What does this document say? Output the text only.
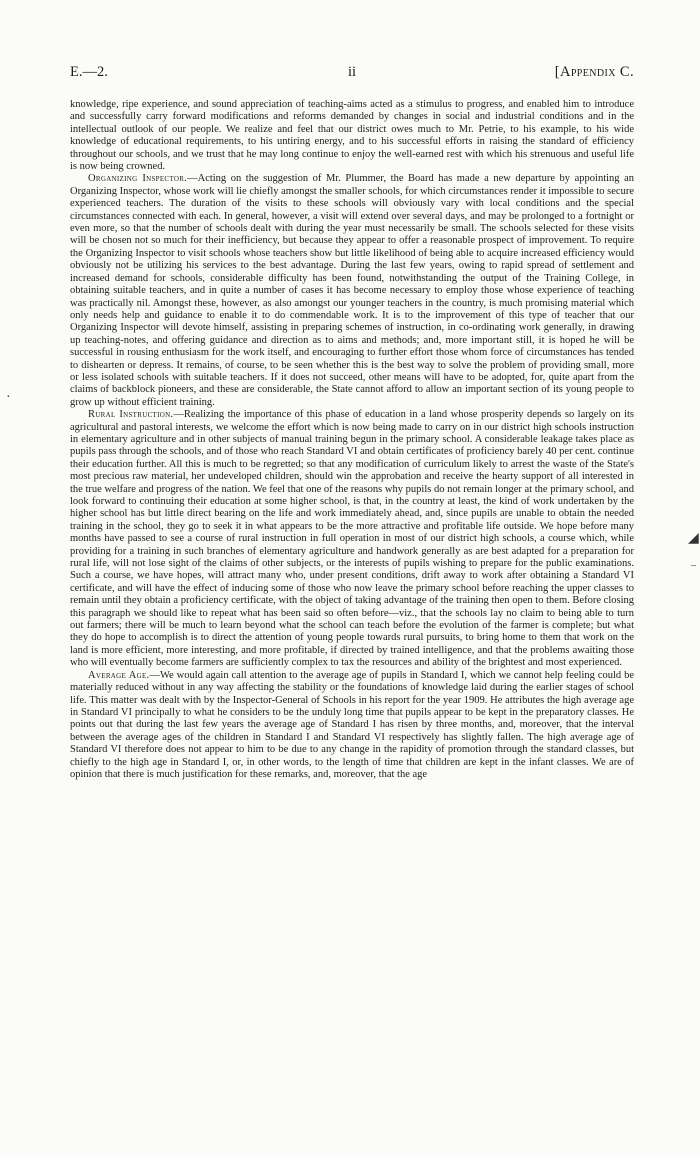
E.—2.	ii	[Appendix C.

knowledge, ripe experience, and sound appreciation of teaching-aims acted as a stimulus to progress, and enabled him to introduce and successfully carry forward modifications and reforms demanded by changes in social and industrial conditions and in the intellectual outlook of our people. We realize and feel that our district owes much to Mr. Petrie, to his example, to his wide knowledge of educational requirements, to his untiring energy, and to his successful efforts in raising the standard of efficiency throughout our schools, and we trust that he may long continue to enjoy the well-earned rest with which his strenuous and useful life is now being crowned.

Organizing Inspector.—Acting on the suggestion of Mr. Plummer, the Board has made a new departure by appointing an Organizing Inspector, whose work will lie chiefly amongst the smaller schools, for which circumstances render it impossible to secure experienced teachers. The duration of the visits to these schools will obviously vary with local conditions and the special circumstances connected with each. In general, however, a visit will extend over several days, and may be prolonged to a fortnight or even more, so that the number of schools dealt with during the year must necessarily be small. The schools selected for these visits will be chosen not so much for their inefficiency, but because they appear to offer a reasonable prospect of improvement. To require the Organizing Inspector to visit schools whose teachers show but little likelihood of being able to acquire increased efficiency would obviously not be utilizing his services to the best advantage. During the last few years, owing to rapid spread of settlement and increased demand for schools, considerable difficulty has been found, notwithstanding the output of the Training College, in obtaining suitable teachers, and in quite a number of cases it has become necessary to employ those whose experience of teaching was practically nil. Amongst these, however, as also amongst our younger teachers in the country, is much promising material which only needs help and guidance to enable it to do commendable work. It is to the improvement of this type of teacher that our Organizing Inspector will devote himself, assisting in preparing schemes of instruction, in co-ordinating work generally, in drawing up teaching-notes, and offering guidance and direction as to aims and methods; and, more important still, it is hoped he will be successful in rousing enthusiasm for the work itself, and encouraging to further effort those whom force of circumstances has tended to dishearten or depress. It remains, of course, to be seen whether this is the best way to solve the problem of providing small, more or less isolated schools with suitable teachers. If it does not succeed, other means will have to be adopted, for, quite apart from the claims of backblock pioneers, and these are considerable, the State cannot afford to allow an important section of its young people to grow up without efficient training.

Rural Instruction.—Realizing the importance of this phase of education in a land whose prosperity depends so largely on its agricultural and pastoral interests, we welcome the effort which is now being made to carry on in our district high schools instruction in elementary agriculture and in other subjects of manual training begun in the primary school. A considerable leakage takes place as pupils pass through the schools, and of those who reach Standard VI and obtain certificates of proficiency barely 40 per cent. continue their education further. All this is much to be regretted; so that any modification of curriculum likely to arrest the waste of the State's most precious raw material, her undeveloped children, should win the approbation and receive the hearty support of all interested in the true welfare and progress of the nation. We feel that one of the reasons why pupils do not remain longer at the primary school, and look forward to continuing their education at some higher school, is that, in the country at least, the kind of work undertaken by the higher school has but little direct bearing on the life and work immediately ahead, and, since pupils are unable to obtain the needed training in the school, they go to seek it in what appears to be the more attractive and profitable life outside. We hope before many months have passed to see a course of rural instruction in full operation in most of our district high schools, a course which, while providing for a training in such branches of elementary agriculture and handwork generally as are best adapted for a preparation for rural life, will not lose sight of the claims of other subjects, or the interests of pupils wishing to prepare for the public examinations. Such a course, we have hopes, will attract many who, under present conditions, drift away to work after obtaining a Standard VI certificate, and will have the effect of inducing some of those who now leave the primary school before reaching the upper classes to remain until they obtain a proficiency certificate, with the object of taking advantage of the training then open to them. Before closing this paragraph we should like to repeat what has been said so often before—viz., that the schools lay no claim to being able to turn out farmers; there will be much to learn beyond what the school can teach before the evolution of the farmer is complete; but what they do hope to accomplish is to direct the attention of young people towards rural pursuits, to bring home to them that work on the land is more efficient, more interesting, and more profitable, if directed by trained intelligence, and that the problems awaiting those who will eventually become farmers are sufficiently complex to tax the resources and ability of the brightest and most experienced.

Average Age.—We would again call attention to the average age of pupils in Standard I, which we cannot help feeling could be materially reduced without in any way affecting the stability or the foundations of knowledge laid during the earlier stages of school life. This matter was dealt with by the Inspector-General of Schools in his report for the year 1909. He attributes the high average age in Standard VI principally to what he considers to be the unduly long time that pupils appear to be kept in the preparatory classes. He points out that during the last few years the average age of Standard I has risen by three months, and, moreover, that the interval between the average ages of the children in Standard I and Standard VI respectively has slightly fallen. The high average age of Standard VI therefore does not appear to him to be due to any change in the rapidity of promotion through the standard classes, but chiefly to the high age in Standard I, or, in other words, to the length of time that children are kept in the infant classes. We are of opinion that there is much justification for these remarks, and, moreover, that the age

·
◢
–
